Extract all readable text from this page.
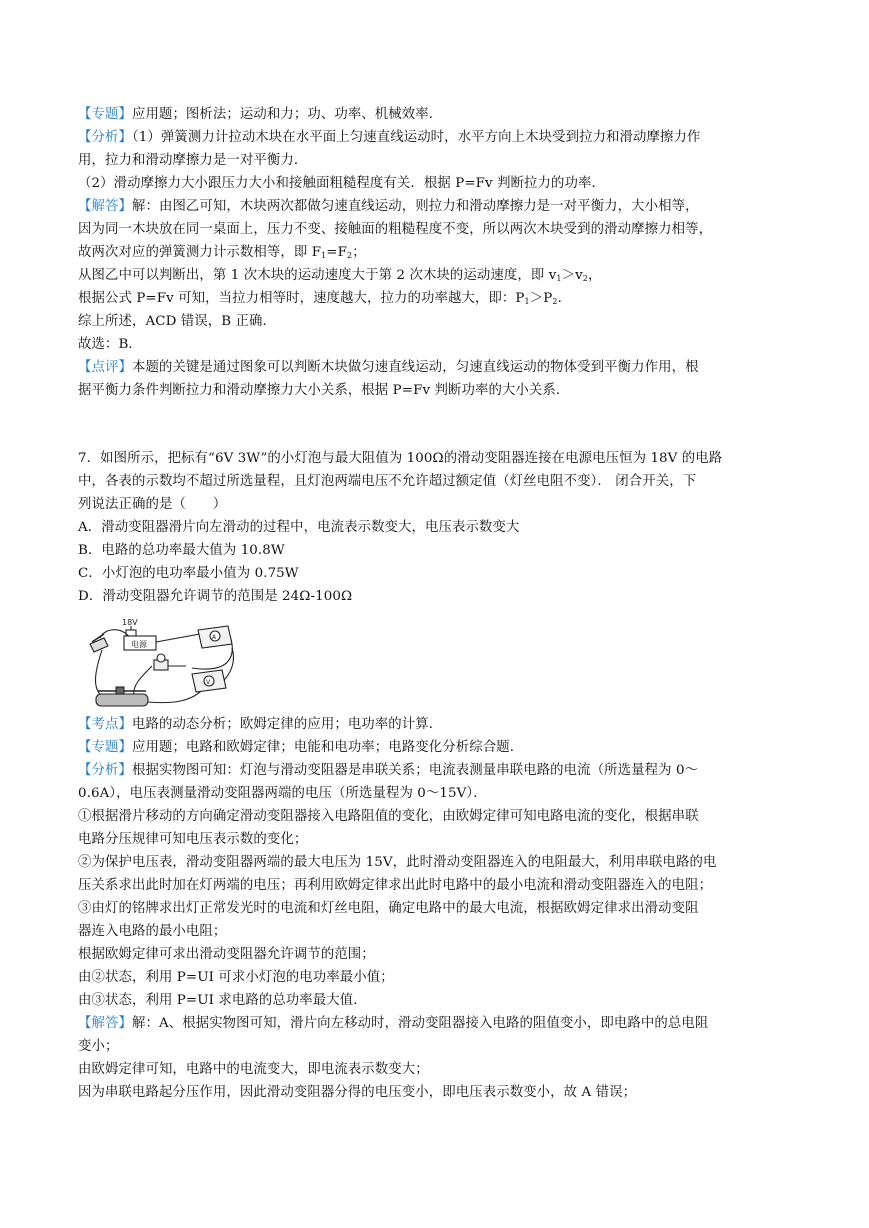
【专题】应用题；图析法；运动和力；功、功率、机械效率．
【分析】（1）弹簧测力计拉动木块在水平面上匀速直线运动时，水平方向上木块受到拉力和滑动摩擦力作
用，拉力和滑动摩擦力是一对平衡力．
（2）滑动摩擦力大小跟压力大小和接触面粗糙程度有关．根据 P=Fv 判断拉力的功率．
【解答】解：由图乙可知，木块两次都做匀速直线运动，则拉力和滑动摩擦力是一对平衡力，大小相等，
因为同一木块放在同一桌面上，压力不变、接触面的粗糙程度不变，所以两次木块受到的滑动摩擦力相等，
故两次对应的弹簧测力计示数相等，即 $F_1=F_2$；
从图乙中可以判断出，第 1 次木块的运动速度大于第 2 次木块的运动速度，即 $v_1>v_2$，
根据公式 P=Fv 可知，当拉力相等时，速度越大，拉力的功率越大，即：$P_1>P_2$．
综上所述，ACD 错误，B 正确．
故选：B．
【点评】本题的关键是通过图象可以判断木块做匀速直线运动，匀速直线运动的物体受到平衡力作用，根
据平衡力条件判断拉力和滑动摩擦力大小关系，根据 P=Fv 判断功率的大小关系．
7．如图所示，把标有“6V 3W”的小灯泡与最大阻值为 100Ω的滑动变阻器连接在电源电压恒为 18V 的电路
中，各表的示数均不超过所选量程，且灯泡两端电压不允许超过额定值（灯丝电阻不变）． 闭合开关，下
列说法正确的是（　　）
A．滑动变阻器滑片向左滑动的过程中，电流表示数变大，电压表示数变大
B．电路的总功率最大值为 10.8W
C．小灯泡的电功率最小值为 0.75W
D．滑动变阻器允许调节的范围是 24Ω-100Ω
18V
电源
A
V
【考点】电路的动态分析；欧姆定律的应用；电功率的计算．
【专题】应用题；电路和欧姆定律；电能和电功率；电路变化分析综合题．
【分析】根据实物图可知：灯泡与滑动变阻器是串联关系；电流表测量串联电路的电流（所选量程为 0～
0.6A），电压表测量滑动变阻器两端的电压（所选量程为 0～15V）．
①根据滑片移动的方向确定滑动变阻器接入电路阻值的变化，由欧姆定律可知电路电流的变化，根据串联
电路分压规律可知电压表示数的变化；
②为保护电压表，滑动变阻器两端的最大电压为 15V，此时滑动变阻器连入的电阻最大，利用串联电路的电
压关系求出此时加在灯两端的电压；再利用欧姆定律求出此时电路中的最小电流和滑动变阻器连入的电阻；
③由灯的铭牌求出灯正常发光时的电流和灯丝电阻，确定电路中的最大电流，根据欧姆定律求出滑动变阻
器连入电路的最小电阻；
根据欧姆定律可求出滑动变阻器允许调节的范围；
由②状态，利用 P=UI 可求小灯泡的电功率最小值；
由③状态，利用 P=UI 求电路的总功率最大值．
【解答】解：A、根据实物图可知，滑片向左移动时，滑动变阻器接入电路的阻值变小，即电路中的总电阻
变小；
由欧姆定律可知，电路中的电流变大，即电流表示数变大；
因为串联电路起分压作用，因此滑动变阻器分得的电压变小，即电压表示数变小，故 A 错误；
